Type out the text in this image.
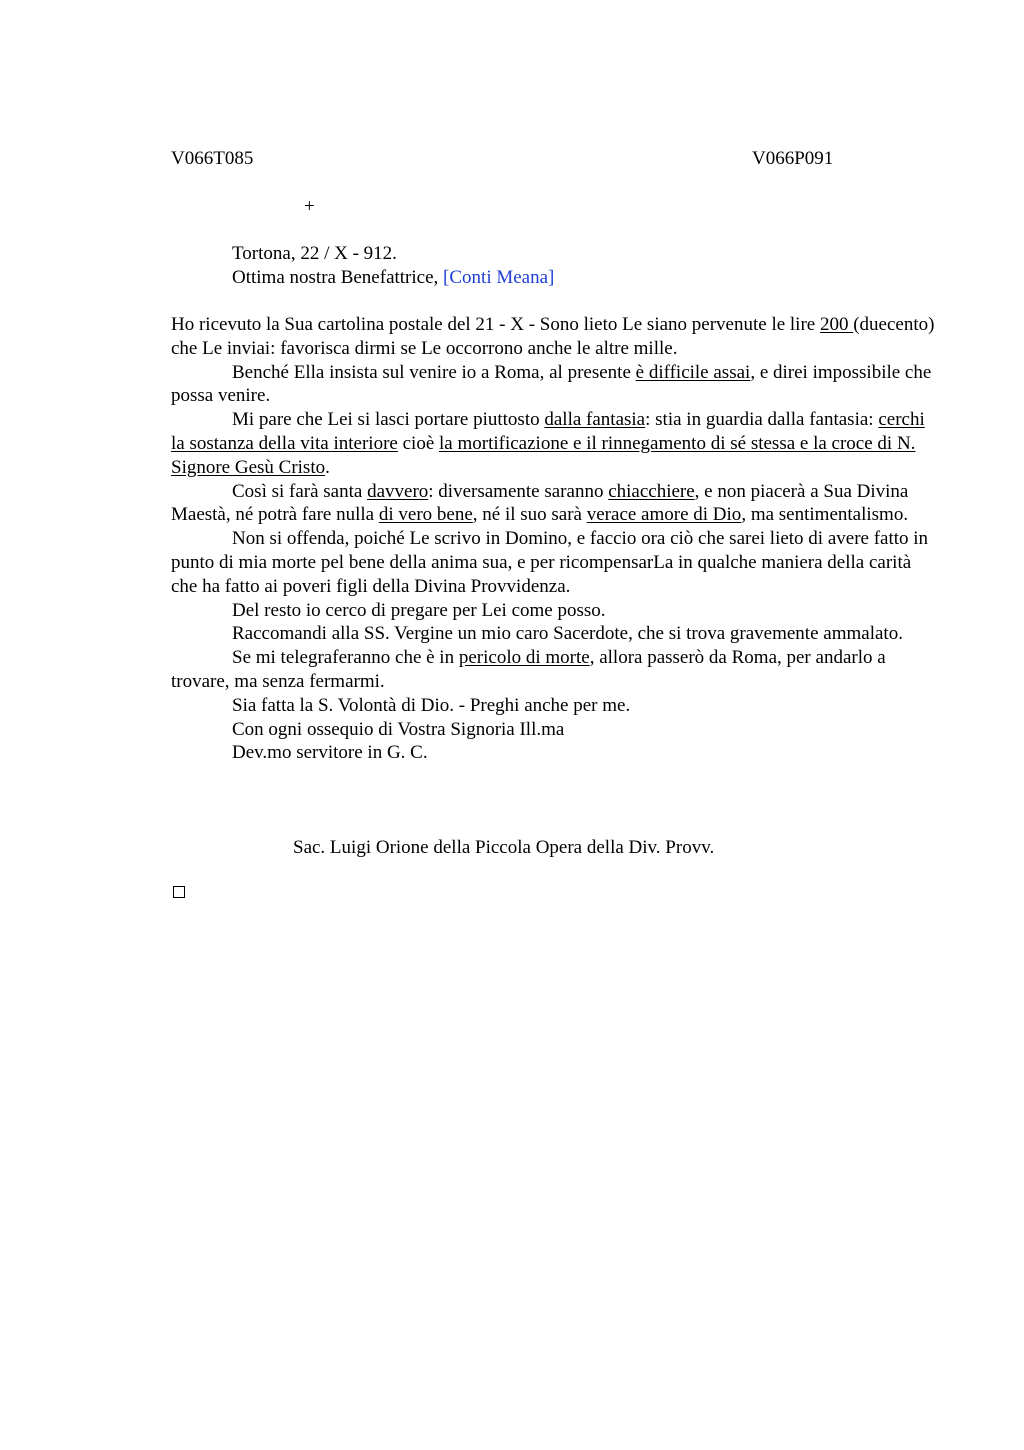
V066T085	V066P091
+
Tortona, 22 / X - 912.
Ottima nostra Benefattrice, [Conti Meana]

Ho ricevuto la Sua cartolina postale del 21 - X - Sono lieto Le siano pervenute le lire 200 (duecento) che Le inviai: favorisca dirmi se Le occorrono anche le altre mille.

Benché Ella insista sul venire io a Roma, al presente è difficile assai, e direi impossibile che possa venire.

Mi pare che Lei si lasci portare piuttosto dalla fantasia: stia in guardia dalla fantasia: cerchi la sostanza della vita interiore cioè la mortificazione e il rinnegamento di sé stessa e la croce di N. Signore Gesù Cristo.

Così si farà santa davvero: diversamente saranno chiacchiere, e non piacerà a Sua Divina Maestà, né potrà fare nulla di vero bene, né il suo sarà verace amore di Dio, ma sentimentalismo.

Non si offenda, poiché Le scrivo in Domino, e faccio ora ciò che sarei lieto di avere fatto in punto di mia morte pel bene della anima sua, e per ricompensarLa in qualche maniera della carità che ha fatto ai poveri figli della Divina Provvidenza.

Del resto io cerco di pregare per Lei come posso.

Raccomandi alla SS. Vergine un mio caro Sacerdote, che si trova gravemente ammalato.

Se mi telegraferanno che è in pericolo di morte, allora passerò da Roma, per andarlo a trovare, ma senza fermarmi.

Sia fatta la S. Volontà di Dio. - Preghi anche per me.

Con ogni ossequio di Vostra Signoria Ill.ma

Dev.mo servitore in G. C.

Sac. Luigi Orione della Piccola Opera della Div. Provv.
